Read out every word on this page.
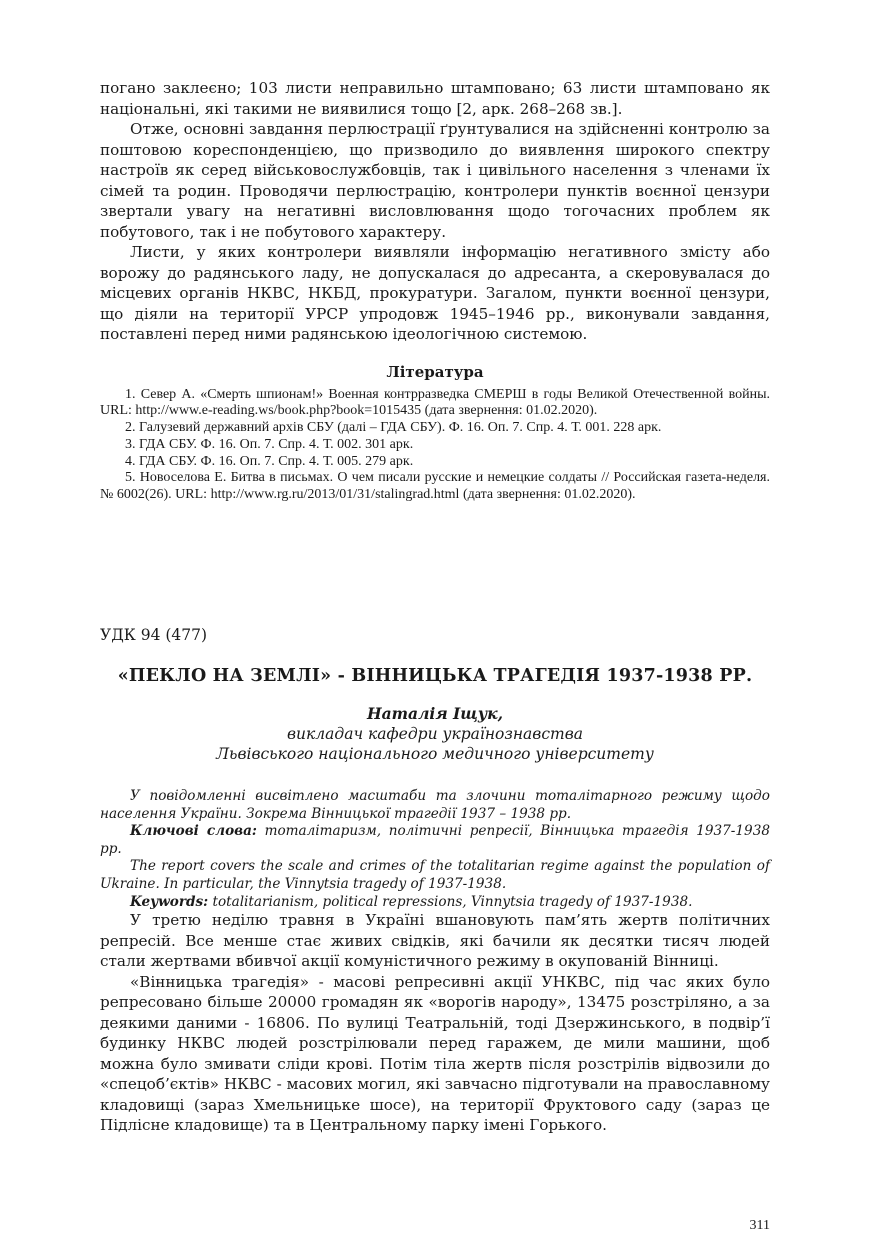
погано заклеєно; 103 листи неправильно штамповано; 63 листи штамповано як національні, які такими не виявилися тощо [2, арк. 268–268 зв.].

Отже, основні завдання перлюстрації ґрунтувалися на здійсненні контролю за поштовою кореспонденцією, що призводило до виявлення широкого спектру настроїв як серед військовослужбовців, так і цивільного населення з членами їх сімей та родин. Проводячи перлюстрацію, контролери пунктів воєнної цензури звертали увагу на негативні висловлювання щодо тогочасних проблем як побутового, так і не побутового характеру.

Листи, у яких контролери виявляли інформацію негативного змісту або ворожу до радянського ладу, не допускалася до адресанта, а скеровувалася до місцевих органів НКВС, НКБД, прокуратури. Загалом, пункти воєнної цензури, що діяли на території УРСР упродовж 1945–1946 рр., виконували завдання, поставлені перед ними радянською ідеологічною системою.

Література

1. Север А. «Смерть шпионам!» Военная контрразведка СМЕРШ в годы Великой Отечественной войны. URL: http://www.e-reading.ws/book.php?book=1015435 (дата звернення: 01.02.2020).

2. Галузевий державний архів СБУ (далі – ГДА СБУ). Ф. 16. Оп. 7. Спр. 4. Т. 001. 228 арк.

3. ГДА СБУ. Ф. 16. Оп. 7. Спр. 4. Т. 002. 301 арк.

4. ГДА СБУ. Ф. 16. Оп. 7. Спр. 4. Т. 005. 279 арк.

5. Новоселова Е. Битва в письмах. О чем писали русские и немецкие солдаты // Российская газета-неделя. № 6002(26). URL: http://www.rg.ru/2013/01/31/stalingrad.html (дата звернення: 01.02.2020).

УДК 94 (477)
«ПЕКЛО НА ЗЕМЛІ» - ВІННИЦЬКА ТРАГЕДІЯ 1937-1938 РР.
Наталія Іщук,
викладач кафедри українознавства
Львівського національного медичного університету

У повідомленні висвітлено масштаби та злочини тоталітарного режиму щодо населення України. Зокрема Вінницької трагедії 1937 – 1938 рр.

Ключові слова: тоталітаризм, політичні репресії, Вінницька трагедія 1937-1938 рр.

The report covers the scale and crimes of the totalitarian regime against the population of Ukraine. In particular, the Vinnytsia tragedy of 1937-1938.

Keywords: totalitarianism, political repressions, Vinnytsia tragedy of 1937-1938.

У третю неділю травня в Україні вшановують пам’ять жертв політичних репресій. Все менше стає живих свідків, які бачили як десятки тисяч людей стали жертвами вбивчої акції комуністичного режиму в окупованій Вінниці.

«Вінницька трагедія» - масові репресивні акції УНКВС, під час яких було репресовано більше 20000 громадян як «ворогів народу», 13475 розстріляно, а за деякими даними - 16806. По вулиці Театральній, тоді Дзержинського, в подвір’ї будинку НКВС людей розстрілювали перед гаражем, де мили машини, щоб можна було змивати сліди крові. Потім тіла жертв після розстрілів відвозили до «спецоб’єктів» НКВС - масових могил, які завчасно підготували на православному кладовищі (зараз Хмельницьке шосе), на території Фруктового саду (зараз це Підлісне кладовище) та в Центральному парку імені Горького.

311
